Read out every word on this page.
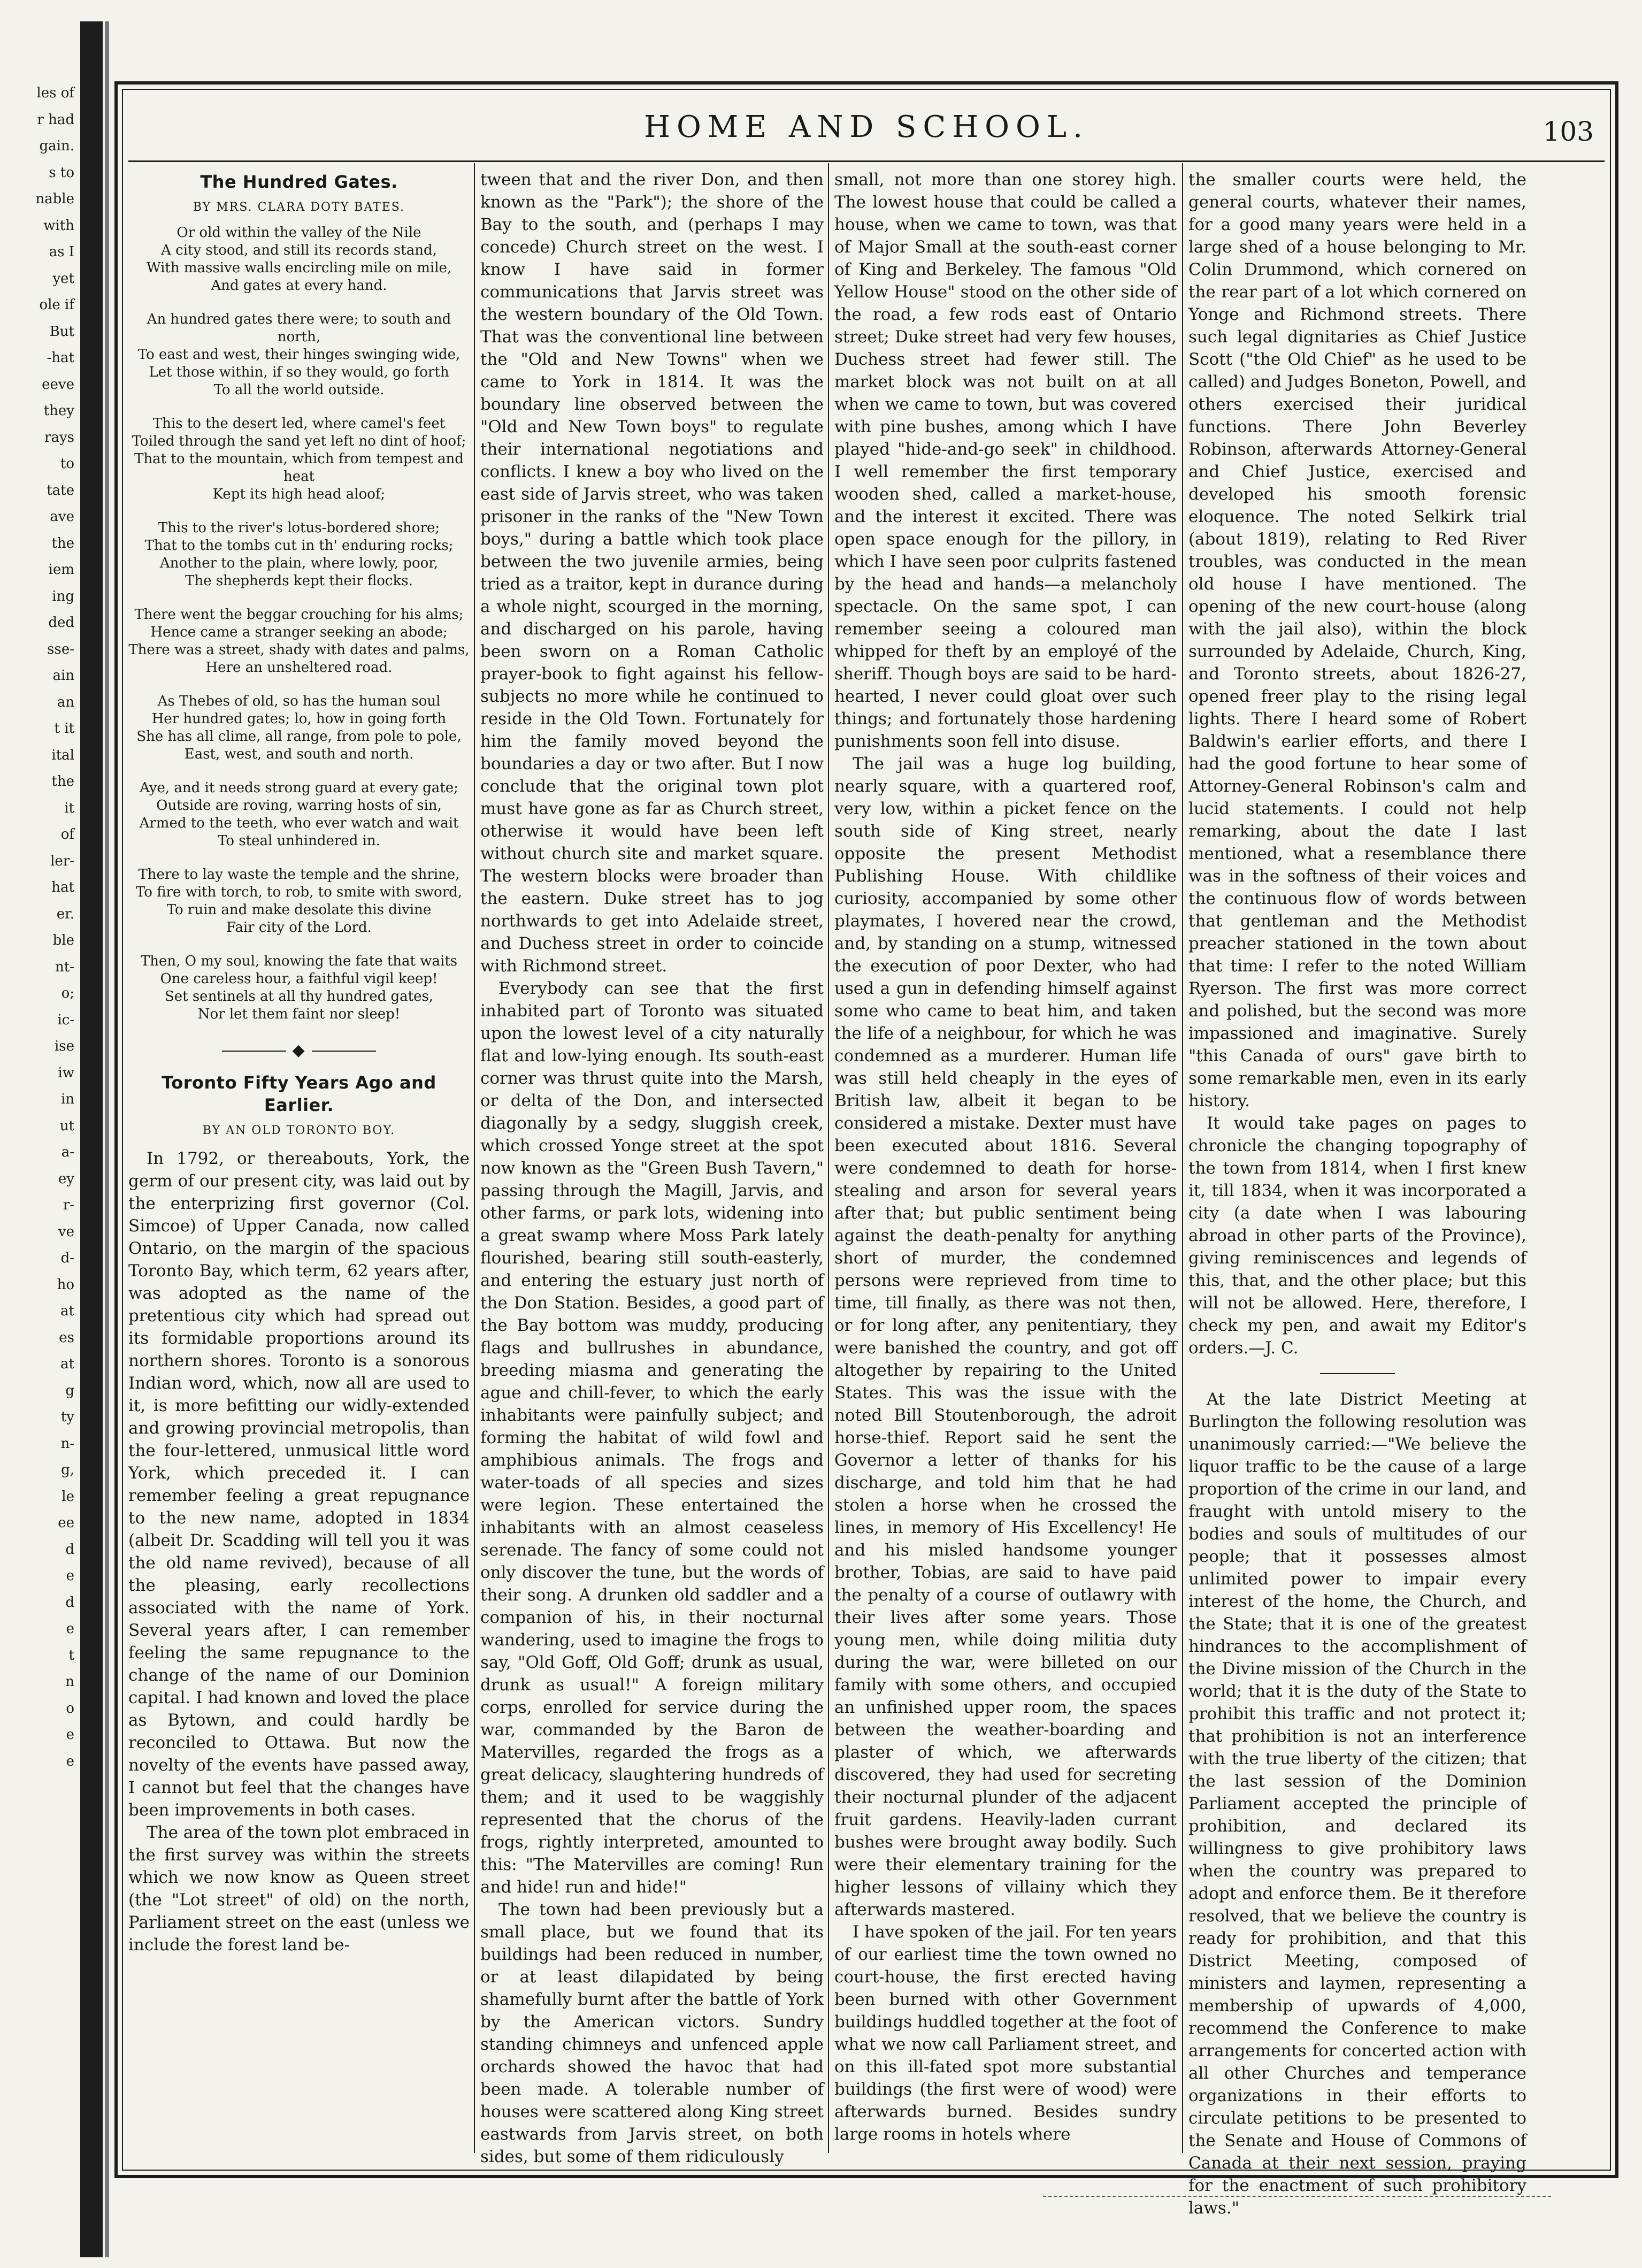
les of
r had
gain.
s to
nable
with
as I
yet
ole if
But
-hat
eeve
they
rays
to
tate
ave
the
iem
ing
ded
sse-
ain
an
t it
ital
the
it
of
ler-
hat
er.
ble
nt-
o;
ic-
ise
iw
in
ut
a-
ey
r-
ve
d-
ho
at
es
at
g
ty
n-
g,
le
ee
d
e
d
e
t
n
o
e
e
HOME AND SCHOOL.	103
The Hundred Gates.
BY MRS. CLARA DOTY BATES.
Or old within the valley of the Nile
A city stood, and still its records stand,
With massive walls encircling mile on mile,
And gates at every hand.
An hundred gates there were; to south and north,
To east and west, their hinges swinging wide,
Let those within, if so they would, go forth
To all the world outside.
This to the desert led, where camel's feet
Toiled through the sand yet left no dint of hoof;
That to the mountain, which from tempest and heat
Kept its high head aloof;
This to the river's lotus-bordered shore;
That to the tombs cut in th' enduring rocks;
Another to the plain, where lowly, poor,
The shepherds kept their flocks.
There went the beggar crouching for his alms;
Hence came a stranger seeking an abode;
There was a street, shady with dates and palms,
Here an unsheltered road.
As Thebes of old, so has the human soul
Her hundred gates; lo, how in going forth
She has all clime, all range, from pole to pole,
East, west, and south and north.
Aye, and it needs strong guard at every gate;
Outside are roving, warring hosts of sin,
Armed to the teeth, who ever watch and wait
To steal unhindered in.
There to lay waste the temple and the shrine,
To fire with torch, to rob, to smite with sword,
To ruin and make desolate this divine
Fair city of the Lord.
Then, O my soul, knowing the fate that waits
One careless hour, a faithful vigil keep!
Set sentinels at all thy hundred gates,
Nor let them faint nor sleep!
◆
Toronto Fifty Years Ago and Earlier.
BY AN OLD TORONTO BOY.

In 1792, or thereabouts, York, the germ of our present city, was laid out by the enterprizing first governor (Col. Simcoe) of Upper Canada, now called Ontario, on the margin of the spacious Toronto Bay, which term, 62 years after, was adopted as the name of the pretentious city which had spread out its formidable proportions around its northern shores. Toronto is a sonorous Indian word, which, now all are used to it, is more befitting our widly-extended and growing provincial metropolis, than the four-lettered, unmusical little word York, which preceded it. I can remember feeling a great repugnance to the new name, adopted in 1834 (albeit Dr. Scadding will tell you it was the old name revived), because of all the pleasing, early recollections associated with the name of York. Several years after, I can remember feeling the same repugnance to the change of the name of our Dominion capital. I had known and loved the place as Bytown, and could hardly be reconciled to Ottawa. But now the novelty of the events have passed away, I cannot but feel that the changes have been improvements in both cases.

The area of the town plot embraced in the first survey was within the streets which we now know as Queen street (the "Lot street" of old) on the north, Parliament street on the east (unless we include the forest land be-

tween that and the river Don, and then known as the "Park"); the shore of the Bay to the south, and (perhaps I may concede) Church street on the west. I know I have said in former communications that Jarvis street was the western boundary of the Old Town. That was the conventional line between the "Old and New Towns" when we came to York in 1814. It was the boundary line observed between the "Old and New Town boys" to regulate their international negotiations and conflicts. I knew a boy who lived on the east side of Jarvis street, who was taken prisoner in the ranks of the "New Town boys," during a battle which took place between the two juvenile armies, being tried as a traitor, kept in durance during a whole night, scourged in the morning, and discharged on his parole, having been sworn on a Roman Catholic prayer-book to fight against his fellow-subjects no more while he continued to reside in the Old Town. Fortunately for him the family moved beyond the boundaries a day or two after. But I now conclude that the original town plot must have gone as far as Church street, otherwise it would have been left without church site and market square. The western blocks were broader than the eastern. Duke street has to jog northwards to get into Adelaide street, and Duchess street in order to coincide with Richmond street.

Everybody can see that the first inhabited part of Toronto was situated upon the lowest level of a city naturally flat and low-lying enough. Its south-east corner was thrust quite into the Marsh, or delta of the Don, and intersected diagonally by a sedgy, sluggish creek, which crossed Yonge street at the spot now known as the "Green Bush Tavern," passing through the Magill, Jarvis, and other farms, or park lots, widening into a great swamp where Moss Park lately flourished, bearing still south-easterly, and entering the estuary just north of the Don Station. Besides, a good part of the Bay bottom was muddy, producing flags and bullrushes in abundance, breeding miasma and generating the ague and chill-fever, to which the early inhabitants were painfully subject; and forming the habitat of wild fowl and amphibious animals. The frogs and water-toads of all species and sizes were legion. These entertained the inhabitants with an almost ceaseless serenade. The fancy of some could not only discover the tune, but the words of their song. A drunken old saddler and a companion of his, in their nocturnal wandering, used to imagine the frogs to say, "Old Goff, Old Goff; drunk as usual, drunk as usual!" A foreign military corps, enrolled for service during the war, commanded by the Baron de Matervilles, regarded the frogs as a great delicacy, slaughtering hundreds of them; and it used to be waggishly represented that the chorus of the frogs, rightly interpreted, amounted to this: "The Matervilles are coming! Run and hide! run and hide!"

The town had been previously but a small place, but we found that its buildings had been reduced in number, or at least dilapidated by being shamefully burnt after the battle of York by the American victors. Sundry standing chimneys and unfenced apple orchards showed the havoc that had been made. A tolerable number of houses were scattered along King street eastwards from Jarvis street, on both sides, but some of them ridiculously

small, not more than one storey high. The lowest house that could be called a house, when we came to town, was that of Major Small at the south-east corner of King and Berkeley. The famous "Old Yellow House" stood on the other side of the road, a few rods east of Ontario street; Duke street had very few houses, Duchess street had fewer still. The market block was not built on at all when we came to town, but was covered with pine bushes, among which I have played "hide-and-go seek" in childhood. I well remember the first temporary wooden shed, called a market-house, and the interest it excited. There was open space enough for the pillory, in which I have seen poor culprits fastened by the head and hands—a melancholy spectacle. On the same spot, I can remember seeing a coloured man whipped for theft by an employé of the sheriff. Though boys are said to be hard-hearted, I never could gloat over such things; and fortunately those hardening punishments soon fell into disuse.

The jail was a huge log building, nearly square, with a quartered roof, very low, within a picket fence on the south side of King street, nearly opposite the present Methodist Publishing House. With childlike curiosity, accompanied by some other playmates, I hovered near the crowd, and, by standing on a stump, witnessed the execution of poor Dexter, who had used a gun in defending himself against some who came to beat him, and taken the life of a neighbour, for which he was condemned as a murderer. Human life was still held cheaply in the eyes of British law, albeit it began to be considered a mistake. Dexter must have been executed about 1816. Several were condemned to death for horse-stealing and arson for several years after that; but public sentiment being against the death-penalty for anything short of murder, the condemned persons were reprieved from time to time, till finally, as there was not then, or for long after, any penitentiary, they were banished the country, and got off altogether by repairing to the United States. This was the issue with the noted Bill Stoutenborough, the adroit horse-thief. Report said he sent the Governor a letter of thanks for his discharge, and told him that he had stolen a horse when he crossed the lines, in memory of His Excellency! He and his misled handsome younger brother, Tobias, are said to have paid the penalty of a course of outlawry with their lives after some years. Those young men, while doing militia duty during the war, were billeted on our family with some others, and occupied an unfinished upper room, the spaces between the weather-boarding and plaster of which, we afterwards discovered, they had used for secreting their nocturnal plunder of the adjacent fruit gardens. Heavily-laden currant bushes were brought away bodily. Such were their elementary training for the higher lessons of villainy which they afterwards mastered.

I have spoken of the jail. For ten years of our earliest time the town owned no court-house, the first erected having been burned with other Government buildings huddled together at the foot of what we now call Parliament street, and on this ill-fated spot more substantial buildings (the first were of wood) were afterwards burned. Besides sundry large rooms in hotels where

the smaller courts were held, the general courts, whatever their names, for a good many years were held in a large shed of a house belonging to Mr. Colin Drummond, which cornered on the rear part of a lot which cornered on Yonge and Richmond streets. There such legal dignitaries as Chief Justice Scott ("the Old Chief" as he used to be called) and Judges Boneton, Powell, and others exercised their juridical functions. There John Beverley Robinson, afterwards Attorney-General and Chief Justice, exercised and developed his smooth forensic eloquence. The noted Selkirk trial (about 1819), relating to Red River troubles, was conducted in the mean old house I have mentioned. The opening of the new court-house (along with the jail also), within the block surrounded by Adelaide, Church, King, and Toronto streets, about 1826-27, opened freer play to the rising legal lights. There I heard some of Robert Baldwin's earlier efforts, and there I had the good fortune to hear some of Attorney-General Robinson's calm and lucid statements. I could not help remarking, about the date I last mentioned, what a resemblance there was in the softness of their voices and the continuous flow of words between that gentleman and the Methodist preacher stationed in the town about that time: I refer to the noted William Ryerson. The first was more correct and polished, but the second was more impassioned and imaginative. Surely "this Canada of ours" gave birth to some remarkable men, even in its early history.

It would take pages on pages to chronicle the changing topography of the town from 1814, when I first knew it, till 1834, when it was incorporated a city (a date when I was labouring abroad in other parts of the Province), giving reminiscences and legends of this, that, and the other place; but this will not be allowed. Here, therefore, I check my pen, and await my Editor's orders.—J. C.

At the late District Meeting at Burlington the following resolution was unanimously carried:—"We believe the liquor traffic to be the cause of a large proportion of the crime in our land, and fraught with untold misery to the bodies and souls of multitudes of our people; that it possesses almost unlimited power to impair every interest of the home, the Church, and the State; that it is one of the greatest hindrances to the accomplishment of the Divine mission of the Church in the world; that it is the duty of the State to prohibit this traffic and not protect it; that prohibition is not an interference with the true liberty of the citizen; that the last session of the Dominion Parliament accepted the principle of prohibition, and declared its willingness to give prohibitory laws when the country was prepared to adopt and enforce them. Be it therefore resolved, that we believe the country is ready for prohibition, and that this District Meeting, composed of ministers and laymen, representing a membership of upwards of 4,000, recommend the Conference to make arrangements for concerted action with all other Churches and temperance organizations in their efforts to circulate petitions to be presented to the Senate and House of Commons of Canada at their next session, praying for the enactment of such prohibitory laws."
